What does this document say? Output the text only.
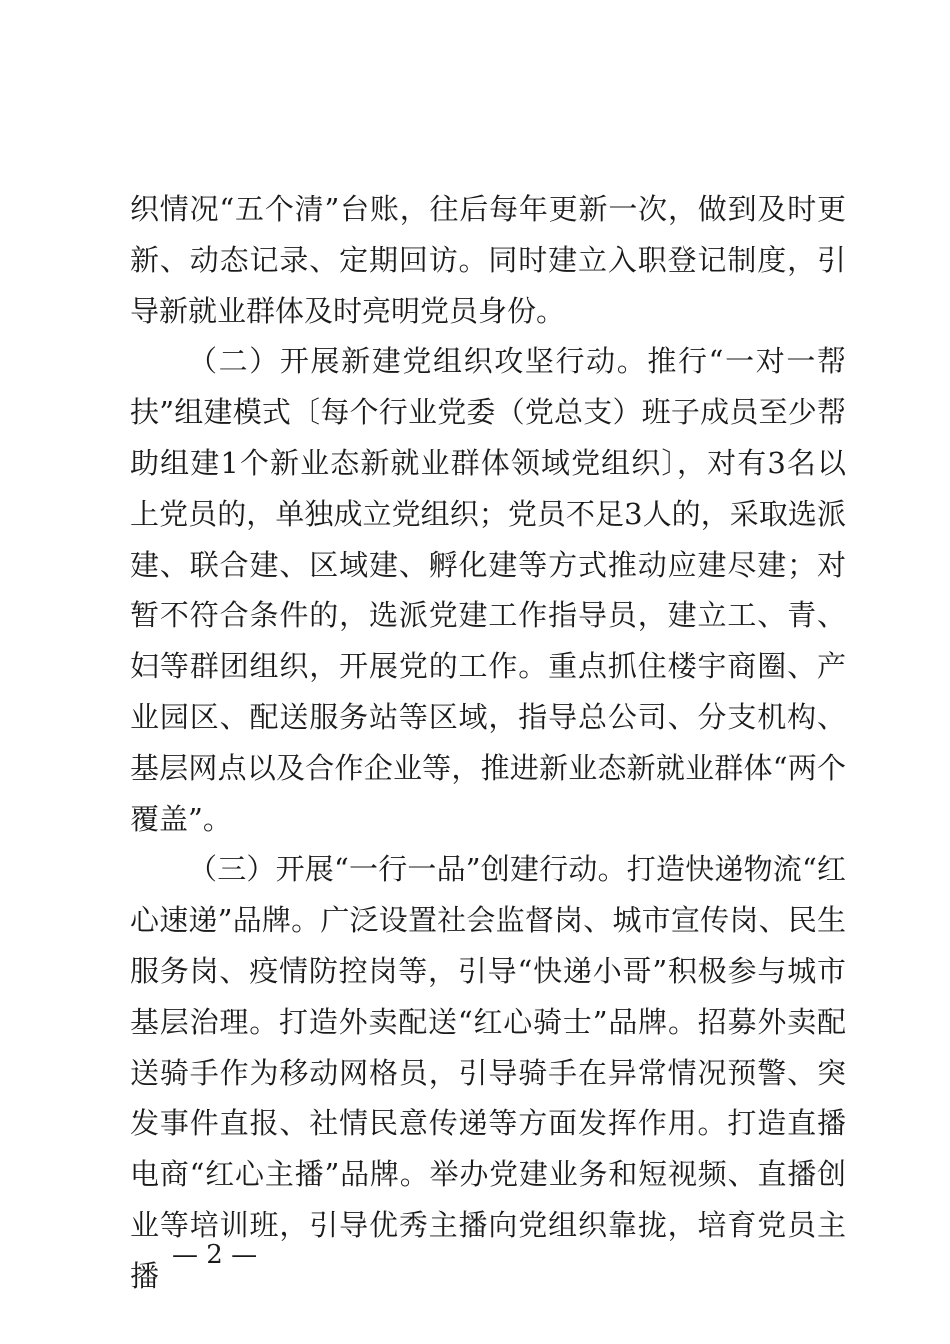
织情况“五个清”台账，往后每年更新一次，做到及时更新、动态记录、定期回访。同时建立入职登记制度，引导新就业群体及时亮明党员身份。

（二）开展新建党组织攻坚行动。推行“一对一帮扶”组建模式〔每个行业党委（党总支）班子成员至少帮助组建1个新业态新就业群体领域党组织〕，对有3名以上党员的，单独成立党组织；党员不足3人的，采取选派建、联合建、区域建、孵化建等方式推动应建尽建；对暂不符合条件的，选派党建工作指导员，建立工、青、妇等群团组织，开展党的工作。重点抓住楼宇商圈、产业园区、配送服务站等区域，指导总公司、分支机构、基层网点以及合作企业等，推进新业态新就业群体“两个覆盖”。

（三）开展“一行一品”创建行动。打造快递物流“红心速递”品牌。广泛设置社会监督岗、城市宣传岗、民生服务岗、疫情防控岗等，引导“快递小哥”积极参与城市基层治理。打造外卖配送“红心骑士”品牌。招募外卖配送骑手作为移动网格员，引导骑手在异常情况预警、突发事件直报、社情民意传递等方面发挥作用。打造直播电商“红心主播”品牌。举办党建业务和短视频、直播创业等培训班，引导优秀主播向党组织靠拢，培育党员主播

— 2 —
